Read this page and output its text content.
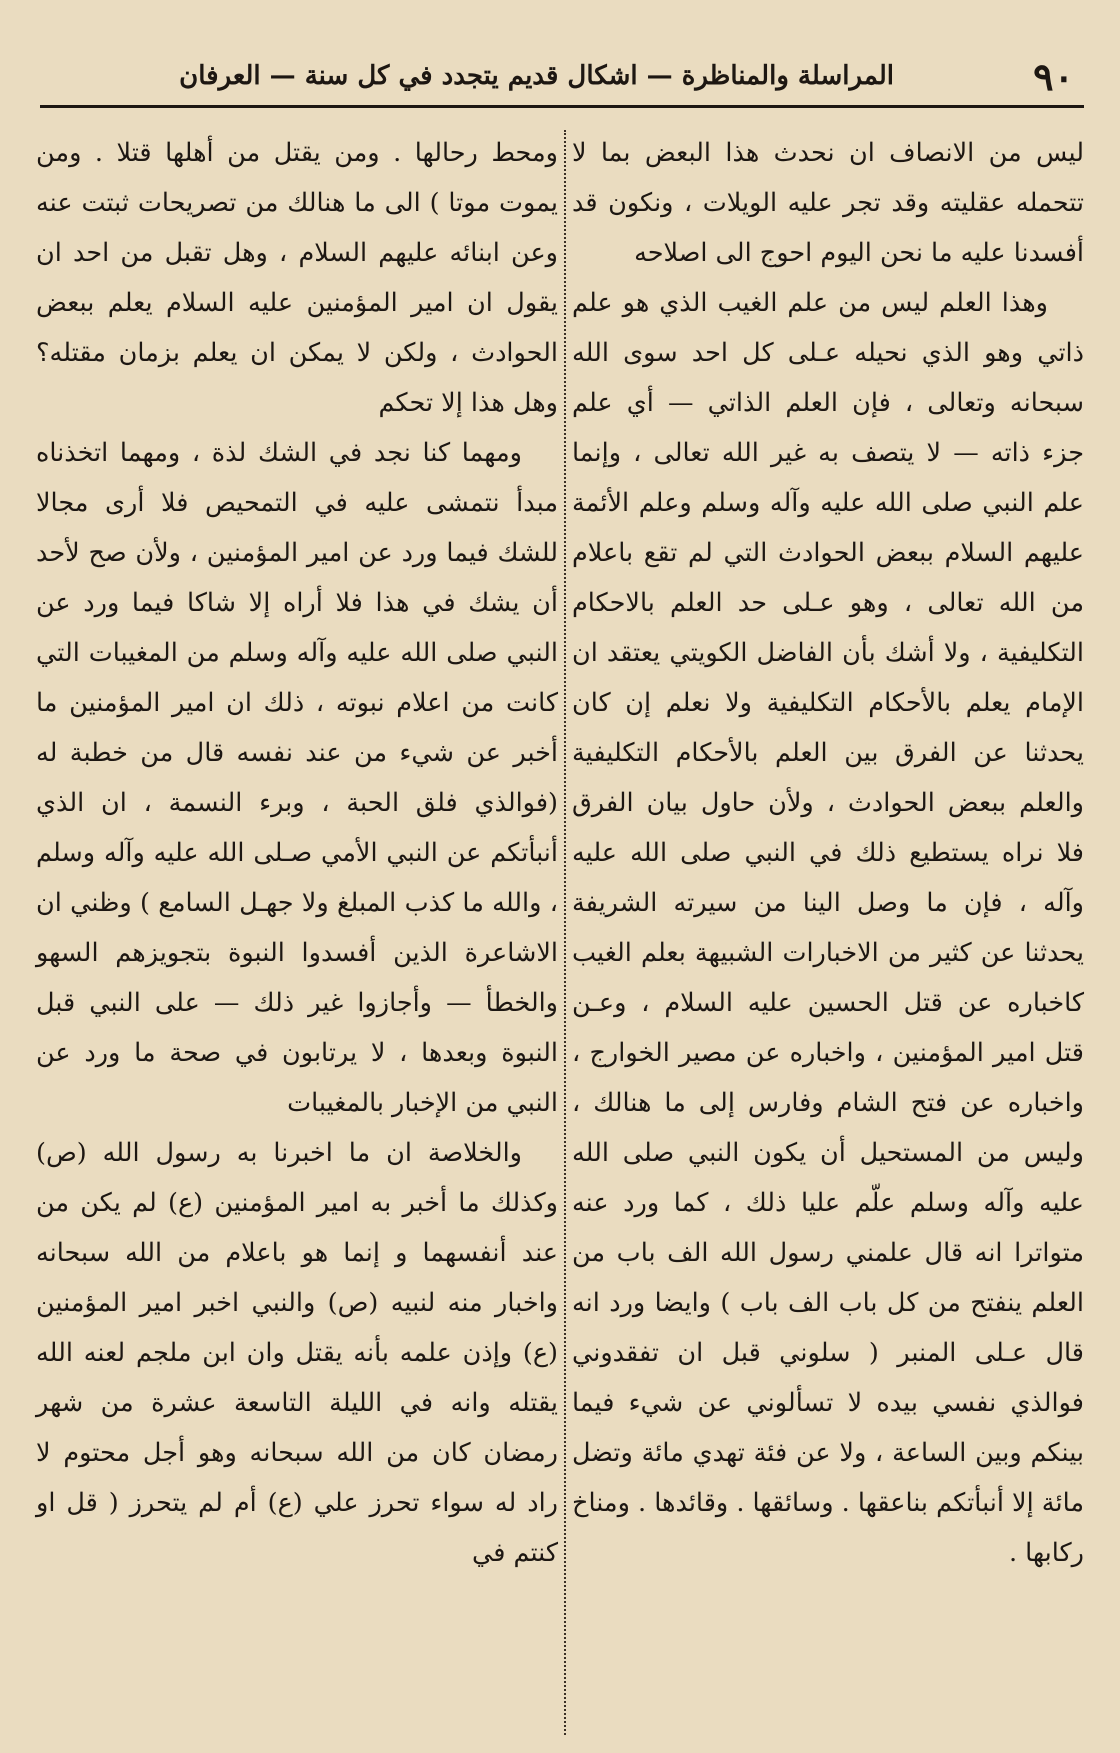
٩٠
المراسلة والمناظرة — اشكال قديم يتجدد في كل سنة — العرفان

ليس من الانصاف ان نحدث هذا البعض بما لا تتحمله عقليته وقد تجر عليه الويلات ، ونكون قد أفسدنا عليه ما نحن اليوم احوج الى اصلاحه

وهذا العلم ليس من علم الغيب الذي هو علم ذاتي وهو الذي نحيله عـلى كل احد سوى الله سبحانه وتعالى ، فإن العلم الذاتي — أي علم جزء ذاته — لا يتصف به غير الله تعالى ، وإنما علم النبي صلى الله عليه وآله وسلم وعلم الأئمة عليهم السلام ببعض الحوادث التي لم تقع باعلام من الله تعالى ، وهو عـلى حد العلم بالاحكام التكليفية ، ولا أشك بأن الفاضل الكويتي يعتقد ان الإمام يعلم بالأحكام التكليفية ولا نعلم إن كان يحدثنا عن الفرق بين العلم بالأحكام التكليفية والعلم ببعض الحوادث ، ولأن حاول بيان الفرق فلا نراه يستطيع ذلك في النبي صلى الله عليه وآله ، فإن ما وصل الينا من سيرته الشريفة يحدثنا عن كثير من الاخبارات الشبيهة بعلم الغيب كاخباره عن قتل الحسين عليه السلام ، وعـن قتل امير المؤمنين ، واخباره عن مصير الخوارج ، واخباره عن فتح الشام وفارس إلى ما هنالك ، وليس من المستحيل أن يكون النبي صلى الله عليه وآله وسلم علّم عليا ذلك ، كما ورد عنه متواترا انه قال علمني رسول الله الف باب من العلم ينفتح من كل باب الف باب ) وايضا ورد انه قال عـلى المنبر ( سلوني قبل ان تفقدوني فوالذي نفسي بيده لا تسألوني عن شيء فيما بينكم وبين الساعة ، ولا عن فئة تهدي مائة وتضل مائة إلا أنبأتكم بناعقها . وسائقها . وقائدها . ومناخ ركابها .

ومحط رحالها . ومن يقتل من أهلها قتلا . ومن يموت موتا ) الى ما هنالك من تصريحات ثبتت عنه وعن ابنائه عليهم السلام ، وهل تقبل من احد ان يقول ان امير المؤمنين عليه السلام يعلم ببعض الحوادث ، ولكن لا يمكن ان يعلم بزمان مقتله؟ وهل هذا إلا تحكم

ومهما كنا نجد في الشك لذة ، ومهما اتخذناه مبدأ نتمشى عليه في التمحيص فلا أرى مجالا للشك فيما ورد عن امير المؤمنين ، ولأن صح لأحد أن يشك في هذا فلا أراه إلا شاكا فيما ورد عن النبي صلى الله عليه وآله وسلم من المغيبات التي كانت من اعلام نبوته ، ذلك ان امير المؤمنين ما أخبر عن شيء من عند نفسه قال من خطبة له (فوالذي فلق الحبة ، وبرء النسمة ، ان الذي أنبأتكم عن النبي الأمي صـلى الله عليه وآله وسلم ، والله ما كذب المبلغ ولا جهـل السامع ) وظني ان الاشاعرة الذين أفسدوا النبوة بتجويزهم السهو والخطأ — وأجازوا غير ذلك — على النبي قبل النبوة وبعدها ، لا يرتابون في صحة ما ورد عن النبي من الإخبار بالمغيبات

والخلاصة ان ما اخبرنا به رسول الله (ص) وكذلك ما أخبر به امير المؤمنين (ع) لم يكن من عند أنفسهما و إنما هو باعلام من الله سبحانه واخبار منه لنبيه (ص) والنبي اخبر امير المؤمنين (ع) وإذن علمه بأنه يقتل وان ابن ملجم لعنه الله يقتله وانه في الليلة التاسعة عشرة من شهر رمضان كان من الله سبحانه وهو أجل محتوم لا راد له سواء تحرز علي (ع) أم لم يتحرز ( قل او كنتم في
